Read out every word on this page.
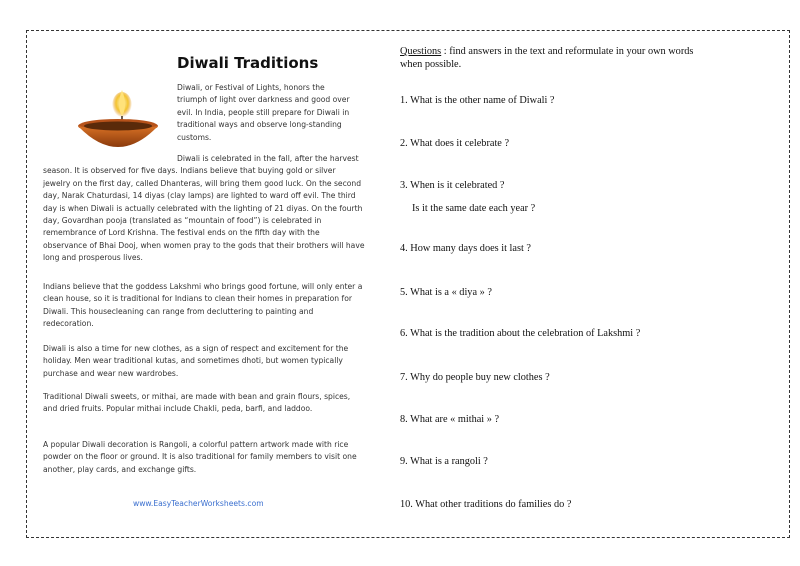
Diwali Traditions

Diwali, or Festival of Lights, honors the triumph of light over darkness and good over evil. In India, people still prepare for Diwali in traditional ways and observe long-standing customs.

Diwali is celebrated in the fall, after the harvest season. It is observed for five days. Indians believe that buying gold or silver jewelry on the first day, called Dhanteras, will bring them good luck. On the second day, Narak Chaturdasi, 14 diyas (clay lamps) are lighted to ward off evil. The third day is when Diwali is actually celebrated with the lighting of 21 diyas. On the fourth day, Govardhan pooja (translated as “mountain of food”) is celebrated in remembrance of Lord Krishna. The festival ends on the fifth day with the observance of Bhai Dooj, when women pray to the gods that their brothers will have long and prosperous lives.

Indians believe that the goddess Lakshmi who brings good fortune, will only enter a clean house, so it is traditional for Indians to clean their homes in preparation for Diwali. This housecleaning can range from decluttering to painting and redecoration.

Diwali is also a time for new clothes, as a sign of respect and excitement for the holiday. Men wear traditional kutas, and sometimes dhoti, but women typically purchase and wear new wardrobes.

Traditional Diwali sweets, or mithai, are made with bean and grain flours, spices, and dried fruits. Popular mithai include Chakli, peda, barfi, and laddoo.

A popular Diwali decoration is Rangoli, a colorful pattern artwork made with rice powder on the floor or ground. It is also traditional for family members to visit one another, play cards, and exchange gifts.

www.EasyTeacherWorksheets.com

Questions : find answers in the text and reformulate in your own words when possible.

1. What is the other name of Diwali ?
2. What does it celebrate ?
3. When is it celebrated ?
Is it the same date each year ?
4. How many days does it last ?
5. What is a « diya » ?
6. What is the tradition about the celebration of Lakshmi ?
7. Why do people buy new clothes ?
8. What are « mithai » ?
9. What is a rangoli ?
10. What other traditions do families do ?
